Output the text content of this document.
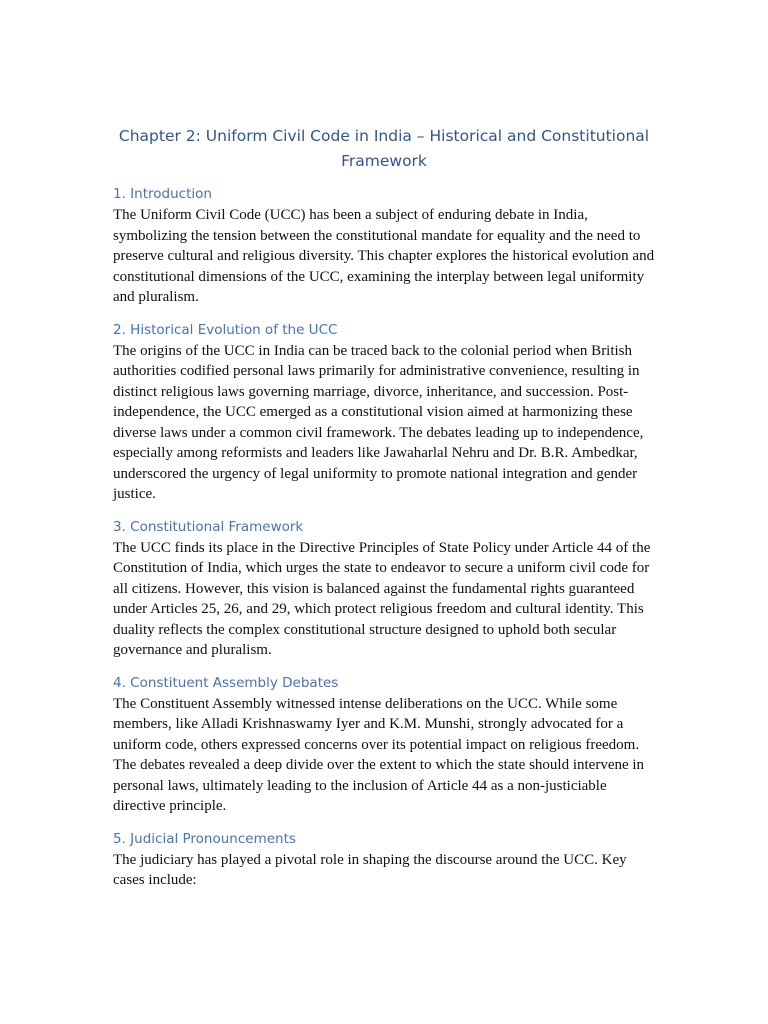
Chapter 2: Uniform Civil Code in India – Historical and Constitutional Framework
1. Introduction

The Uniform Civil Code (UCC) has been a subject of enduring debate in India, symbolizing the tension between the constitutional mandate for equality and the need to preserve cultural and religious diversity. This chapter explores the historical evolution and constitutional dimensions of the UCC, examining the interplay between legal uniformity and pluralism.

2. Historical Evolution of the UCC

The origins of the UCC in India can be traced back to the colonial period when British authorities codified personal laws primarily for administrative convenience, resulting in distinct religious laws governing marriage, divorce, inheritance, and succession. Post-independence, the UCC emerged as a constitutional vision aimed at harmonizing these diverse laws under a common civil framework. The debates leading up to independence, especially among reformists and leaders like Jawaharlal Nehru and Dr. B.R. Ambedkar, underscored the urgency of legal uniformity to promote national integration and gender justice.

3. Constitutional Framework

The UCC finds its place in the Directive Principles of State Policy under Article 44 of the Constitution of India, which urges the state to endeavor to secure a uniform civil code for all citizens. However, this vision is balanced against the fundamental rights guaranteed under Articles 25, 26, and 29, which protect religious freedom and cultural identity. This duality reflects the complex constitutional structure designed to uphold both secular governance and pluralism.

4. Constituent Assembly Debates

The Constituent Assembly witnessed intense deliberations on the UCC. While some members, like Alladi Krishnaswamy Iyer and K.M. Munshi, strongly advocated for a uniform code, others expressed concerns over its potential impact on religious freedom. The debates revealed a deep divide over the extent to which the state should intervene in personal laws, ultimately leading to the inclusion of Article 44 as a non-justiciable directive principle.

5. Judicial Pronouncements

The judiciary has played a pivotal role in shaping the discourse around the UCC. Key cases include:
